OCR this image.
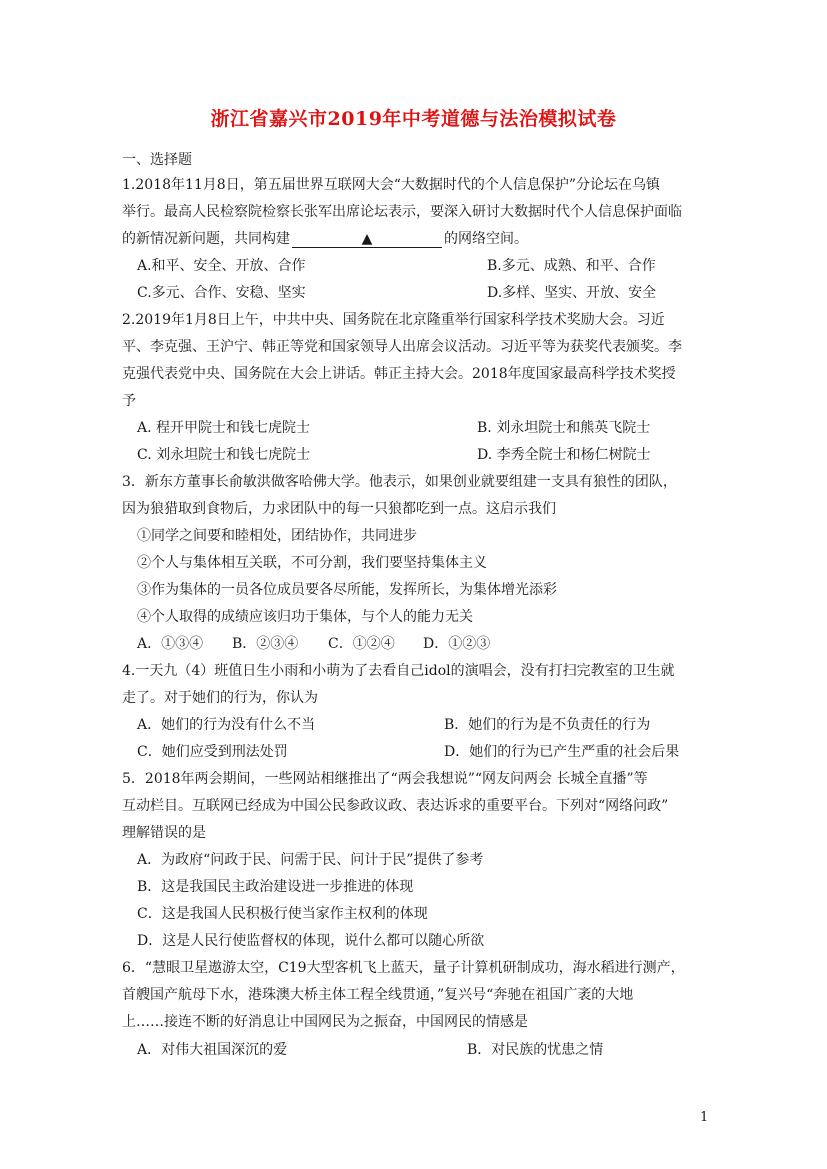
浙江省嘉兴市2019年中考道德与法治模拟试卷
一、选择题
1.2018年11月8日，第五届世界互联网大会“大数据时代的个人信息保护”分论坛在乌镇
举行。最高人民检察院检察长张军出席论坛表示，要深入研讨大数据时代个人信息保护面临
的新情况新问题，共同构建	▲	的网络空间。
A.和平、安全、开放、合作	B.多元、成熟、和平、合作
C.多元、合作、安稳、坚实	D.多样、坚实、开放、安全
2.2019年1月8日上午，中共中央、国务院在北京隆重举行国家科学技术奖励大会。习近
平、李克强、王沪宁、韩正等党和国家领导人出席会议活动。习近平等为获奖代表颁奖。李
克强代表党中央、国务院在大会上讲话。韩正主持大会。2018年度国家最高科学技术奖授
予
A. 程开甲院士和钱七虎院士	B. 刘永坦院士和熊英飞院士
C. 刘永坦院士和钱七虎院士	D. 李秀全院士和杨仁树院士
3．新东方董事长俞敏洪做客哈佛大学。他表示，如果创业就要组建一支具有狼性的团队，
因为狼猎取到食物后，力求团队中的每一只狼都吃到一点。这启示我们
①同学之间要和睦相处，团结协作，共同进步
②个人与集体相互关联，不可分割，我们要坚持集体主义
③作为集体的一员各位成员要各尽所能，发挥所长，为集体增光添彩
④个人取得的成绩应该归功于集体，与个人的能力无关
A．①③④ B．②③④ C．①②④ D．①②③
4.一天九（4）班值日生小雨和小萌为了去看自己idol的演唱会，没有打扫完教室的卫生就
走了。对于她们的行为，你认为
A．她们的行为没有什么不当	B．她们的行为是不负责任的行为
C．她们应受到刑法处罚	D．她们的行为已产生严重的社会后果
5．2018年两会期间，一些网站相继推出了“两会我想说”“网友问两会 长城全直播”等
互动栏目。互联网已经成为中国公民参政议政、表达诉求的重要平台。下列对“网络问政”
理解错误的是
A．为政府“问政于民、问需于民、问计于民”提供了参考
B．这是我国民主政治建设进一步推进的体现
C．这是我国人民积极行使当家作主权利的体现
D．这是人民行使监督权的体现，说什么都可以随心所欲
6．“慧眼卫星遨游太空，C19大型客机飞上蓝天，量子计算机研制成功，海水稻进行测产，
首艘国产航母下水，港珠澳大桥主体工程全线贯通，”复兴号“奔驰在祖国广袤的大地
上……接连不断的好消息让中国网民为之振奋，中国网民的情感是
A．对伟大祖国深沉的爱	B．对民族的忧患之情
1
